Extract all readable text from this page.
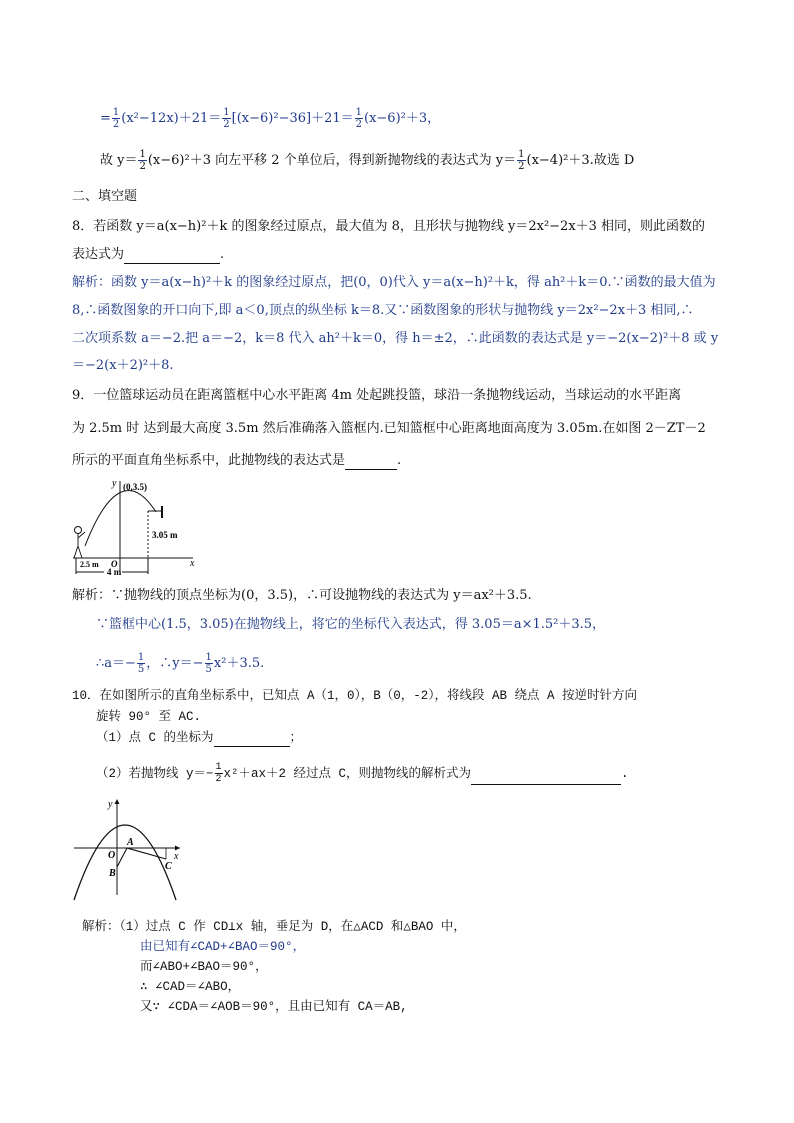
= $\frac{1}{2} (x^2-12x)+21= \frac{1}{2} [(x-6)^2-36]+21= \frac{1}{2} (x-6)^2+3$，
故 $y= \frac{1}{2} (x-6)^2+3$ 向左平移 2 个单位后，得到新抛物线的表达式为 $y= \frac{1}{2} (x-4)^2+3$.故选 D
二、填空题
8．若函数 y＝a(x−h)²＋k 的图象经过原点，最大值为 8，且形状与抛物线 y＝2x²−2x＋3 相同，则此函数的
表达式为	.
解析：函数 y＝a(x−h)²＋k 的图象经过原点，把(0，0)代入 y＝a(x−h)²＋k，得 ah²＋k＝0.∵函数的最大值为
8,∴函数图象的开口向下,即 a＜0,顶点的纵坐标 k＝8.又∵函数图象的形状与抛物线 y＝2x²−2x＋3 相同,∴
二次项系数 a＝−2.把 a＝−2，k＝8 代入 ah²＋k＝0，得 h＝±2，∴此函数的表达式是 y＝−2(x−2)²＋8 或 y
＝−2(x＋2)²＋8.
9．一位篮球运动员在距离篮框中心水平距离 4m 处起跳投篮，球沿一条抛物线运动，当球运动的水平距离
为 2.5m 时 达到最大高度 3.5m 然后准确落入篮框内.已知篮框中心距离地面高度为 3.05m.在如图 2－ZT－2
所示的平面直角坐标系中，此抛物线的表达式是	.
x
y (0,3.5)
3.05 m
2.5 m O
4 m
解析：∵抛物线的顶点坐标为(0，3.5)，∴可设抛物线的表达式为 y＝ax²＋3.5.
∵篮框中心(1.5，3.05)在抛物线上，将它的坐标代入表达式，得 3.05＝a×1.5²＋3.5，
∴a＝− $\frac{1}{5}$ ，∴y＝− $\frac{1}{5} x^2+3.5$.
10．在如图所示的直角坐标系中，已知点 A（1，0），B（0，-2），将线段 AB 绕点 A 按逆时针方向
旋转 90° 至 AC.
（1）点 C 的坐标为	；
（2）若抛物线 $y=- \frac{1}{2} x^2+ax+2$ 经过点 C，则抛物线的解析式为	.
y
x
O
A
B
C
解析：（1）过点 C 作 CD⊥x 轴，垂足为 D，在△ACD 和△BAO 中，
由已知有∠CAD+∠BAO＝90°，
而∠ABO+∠BAO＝90°，
∴ ∠CAD＝∠ABO，
又∵ ∠CDA＝∠AOB＝90°，且由已知有 CA＝AB,
